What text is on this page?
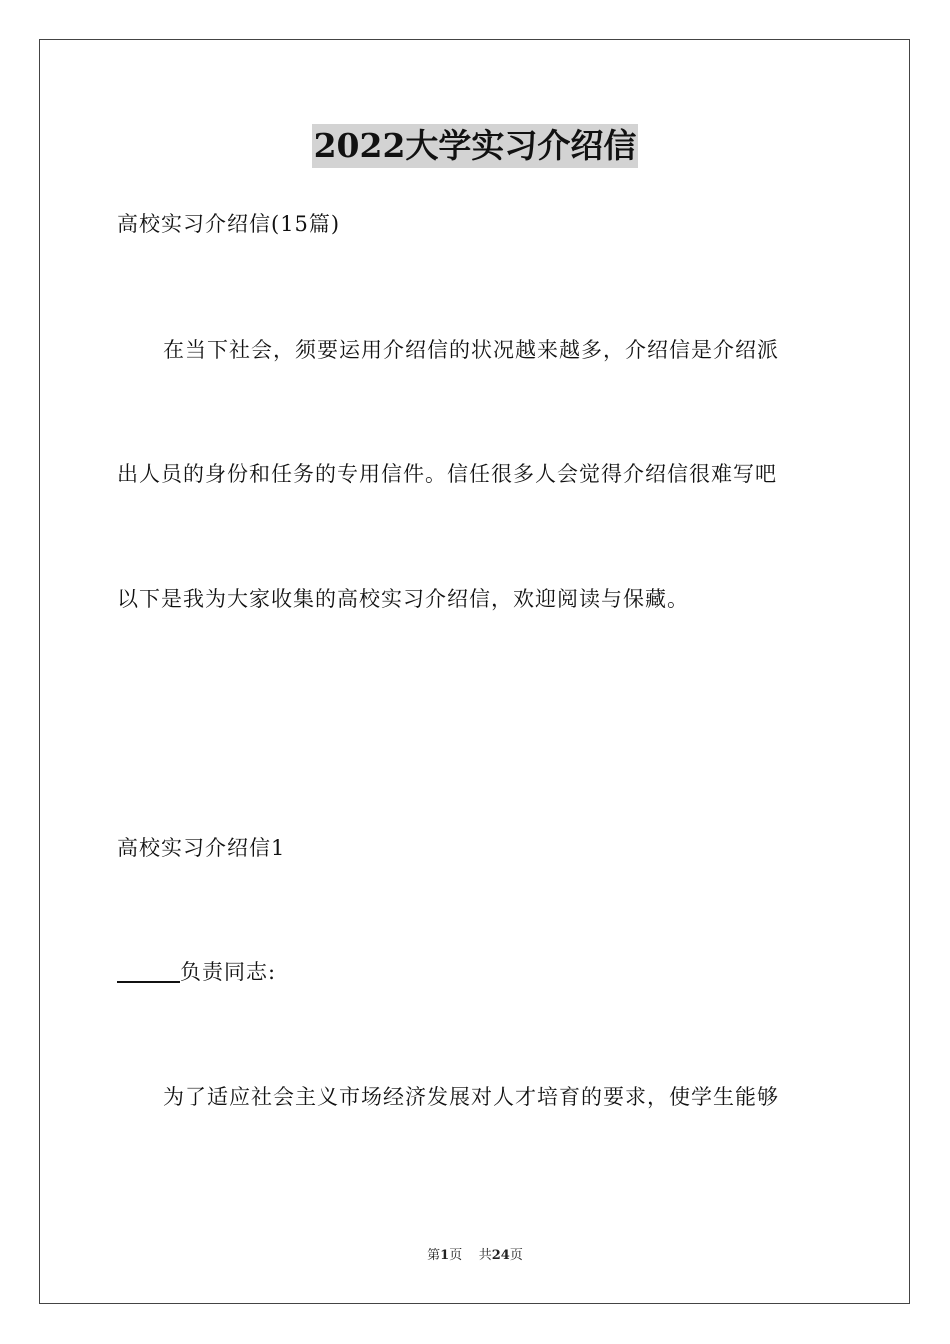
2022大学实习介绍信
高校实习介绍信(15篇)
在当下社会，须要运用介绍信的状况越来越多，介绍信是介绍派
出人员的身份和任务的专用信件。信任很多人会觉得介绍信很难写吧
以下是我为大家收集的高校实习介绍信，欢迎阅读与保藏。
高校实习介绍信1
______负责同志:
为了适应社会主义市场经济发展对人才培育的要求，使学生能够
第1页    共24页
